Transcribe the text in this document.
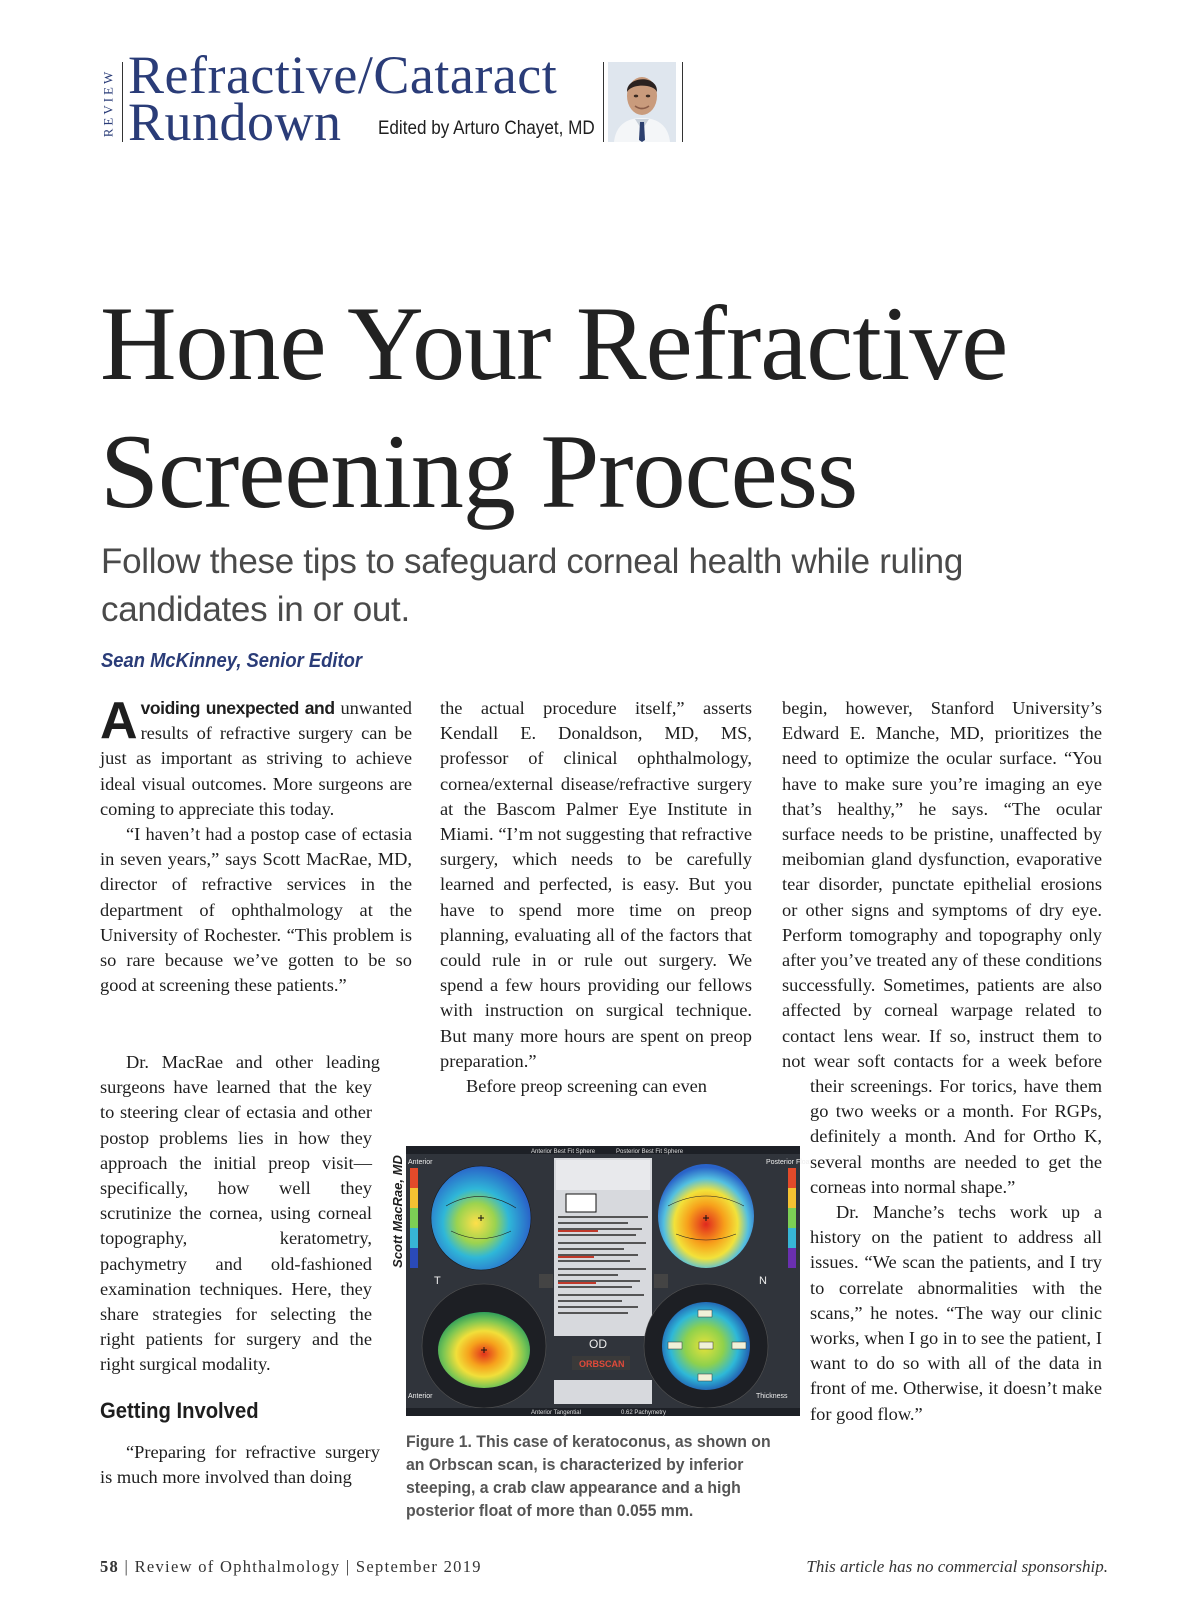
REVIEW Refractive/Cataract
Rundown	Edited by Arturo Chayet, MD
Hone Your Refractive
Screening Process
Follow these tips to safeguard corneal health while ruling candidates in or out.
Sean McKinney, Senior Editor

Avoiding unexpected and unwanted results of refractive surgery can be just as important as striving to achieve ideal visual outcomes. More surgeons are coming to appreciate this today.

“I haven’t had a postop case of ectasia in seven years,” says Scott MacRae, MD, director of refractive services in the department of ophthalmology at the University of Rochester. “This problem is so rare because we’ve gotten to be so good at screening these patients.”

Dr. MacRae and other leading surgeons have learned that the key to steering clear of ectasia and other postop problems lies in how they approach the initial preop visit—specifically, how well they scrutinize the cornea, using corneal topography, keratometry, pachymetry and old-fashioned examination techniques. Here, they share strategies for selecting the right patients for surgery and the right surgical modality.

Getting Involved

“Preparing for refractive surgery is much more involved than doing

the actual procedure itself,” asserts Kendall E. Donaldson, MD, MS, professor of clinical ophthalmology, cornea/external disease/refractive surgery at the Bascom Palmer Eye Institute in Miami. “I’m not suggesting that refractive surgery, which needs to be carefully learned and perfected, is easy. But you have to spend more time on preop planning, evaluating all of the factors that could rule in or rule out surgery. We spend a few hours providing our fellows with instruction on surgical technique. But many more hours are spent on preop preparation.”

Before preop screening can even

begin, however, Stanford University’s Edward E. Manche, MD, prioritizes the need to optimize the ocular surface. “You have to make sure you’re imaging an eye that’s healthy,” he says. “The ocular surface needs to be pristine, unaffected by meibomian gland dysfunction, evaporative tear disorder, punctate epithelial erosions or other signs and symptoms of dry eye. Perform tomography and topography only after you’ve treated any of these conditions successfully. Sometimes, patients are also affected by corneal warpage related to contact lens wear. If so, instruct them to not wear soft contacts for a week before their screenings. For torics, have them go two weeks or a month. For RGPs, definitely a month. And for Ortho K, several months are needed to get the corneas into normal shape.”

Dr. Manche’s techs work up a history on the patient to address all issues. “We scan the patients, and I try to correlate abnormalities with the scans,” he notes. “The way our clinic works, when I go in to see the patient, I want to do so with all of the data in front of me. Otherwise, it doesn’t make for good flow.”

Scott MacRae, MD
Anterior Best Fit Sphere	Posterior Best Fit Sphere
Anterior	Posterior Float
T	N
OD
ORBSCAN
Anterior	Thickness
Anterior Tangential	0.62 Pachymetry
Figure 1. This case of keratoconus, as shown on an Orbscan scan, is characterized by inferior steeping, a crab claw appearance and a high posterior float of more than 0.055 mm.
58 | Review of Ophthalmology | September 2019	This article has no commercial sponsorship.
